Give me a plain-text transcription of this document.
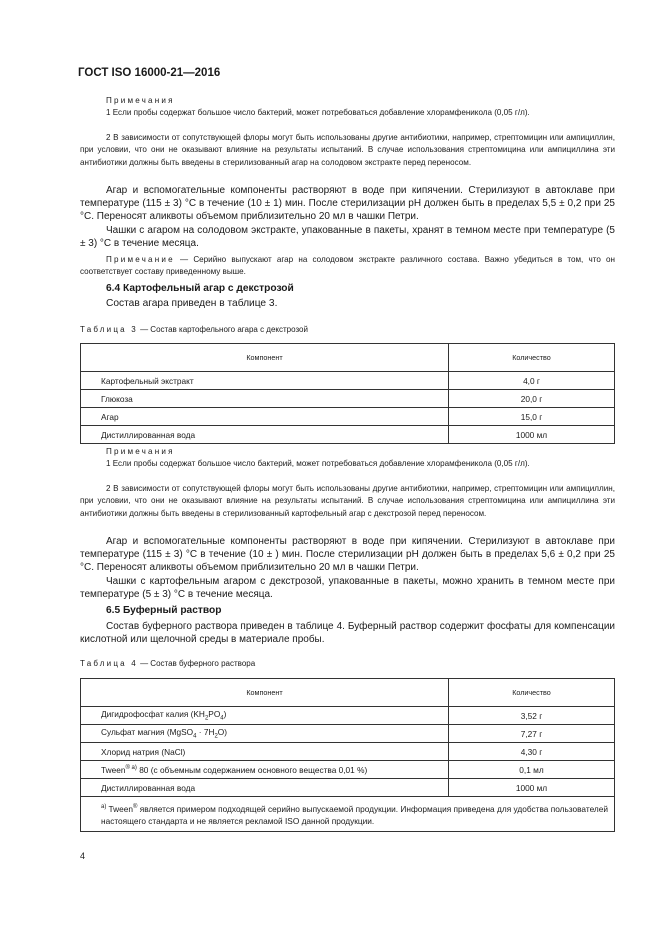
ГОСТ ISO 16000-21—2016
Примечания
1 Если пробы содержат большое число бактерий, может потребоваться добавление хлорамфеникола (0,05 г/л).
2 В зависимости от сопутствующей флоры могут быть использованы другие антибиотики, например, стрептомицин или ампициллин, при условии, что они не оказывают влияние на результаты испытаний. В случае использования стрептомицина или ампициллина эти антибиотики должны быть введены в стерилизованный агар на солодовом экстракте перед переносом.
Агар и вспомогательные компоненты растворяют в воде при кипячении. Стерилизуют в автоклаве при температуре (115 ± 3) °С в течение (10 ± 1) мин. После стерилизации pH должен быть в пределах 5,5 ± 0,2 при 25 °С. Переносят аликвоты объемом приблизительно 20 мл в чашки Петри.
Чашки с агаром на солодовом экстракте, упакованные в пакеты, хранят в темном месте при температуре (5 ± 3) °С в течение месяца.
Примечание — Серийно выпускают агар на солодовом экстракте различного состава. Важно убедиться в том, что он соответствует составу приведенному выше.
6.4 Картофельный агар с декстрозой
Состав агара приведен в таблице 3.
Таблица 3 — Состав картофельного агара с декстрозой
Компонент	Количество
Картофельный экстракт	4,0 г
Глюкоза	20,0 г
Агар	15,0 г
Дистиллированная вода	1000 мл
Примечания
1 Если пробы содержат большое число бактерий, может потребоваться добавление хлорамфеникола (0,05 г/л).
2 В зависимости от сопутствующей флоры могут быть использованы другие антибиотики, например, стрептомицин или ампициллин, при условии, что они не оказывают влияние на результаты испытаний. В случае использования стрептомицина или ампициллина эти антибиотики должны быть введены в стерилизованный картофельный агар с декстрозой перед переносом.
Агар и вспомогательные компоненты растворяют в воде при кипячении. Стерилизуют в автоклаве при температуре (115 ± 3) °С в течение (10 ± ) мин. После стерилизации pH должен быть в пределах 5,6 ± 0,2 при 25 °С. Переносят аликвоты объемом приблизительно 20 мл в чашки Петри.
Чашки с картофельным агаром с декстрозой, упакованные в пакеты, можно хранить в темном месте при температуре (5 ± 3) °С в течение месяца.
6.5 Буферный раствор
Состав буферного раствора приведен в таблице 4. Буферный раствор содержит фосфаты для компенсации кислотной или щелочной среды в материале пробы.
Таблица 4 — Состав буферного раствора
Компонент	Количество
Дигидрофосфат калия $(KH_2PO_4)$	3,52 г
Сульфат магния (MgSO$_4$ · $7H_2O$)	7,27 г
Хлорид натрия (NaCl)	4,30 г
Tween$^{® a)}$ 80 (с объемным содержанием основного вещества 0,01 %)	0,1 мл
Дистиллированная вода	1000 мл
$^{a)}$ Tween® является примером подходящей серийно выпускаемой продукции. Информация приведена для удобства пользователей настоящего стандарта и не является рекламой ISO данной продукции.	
4
